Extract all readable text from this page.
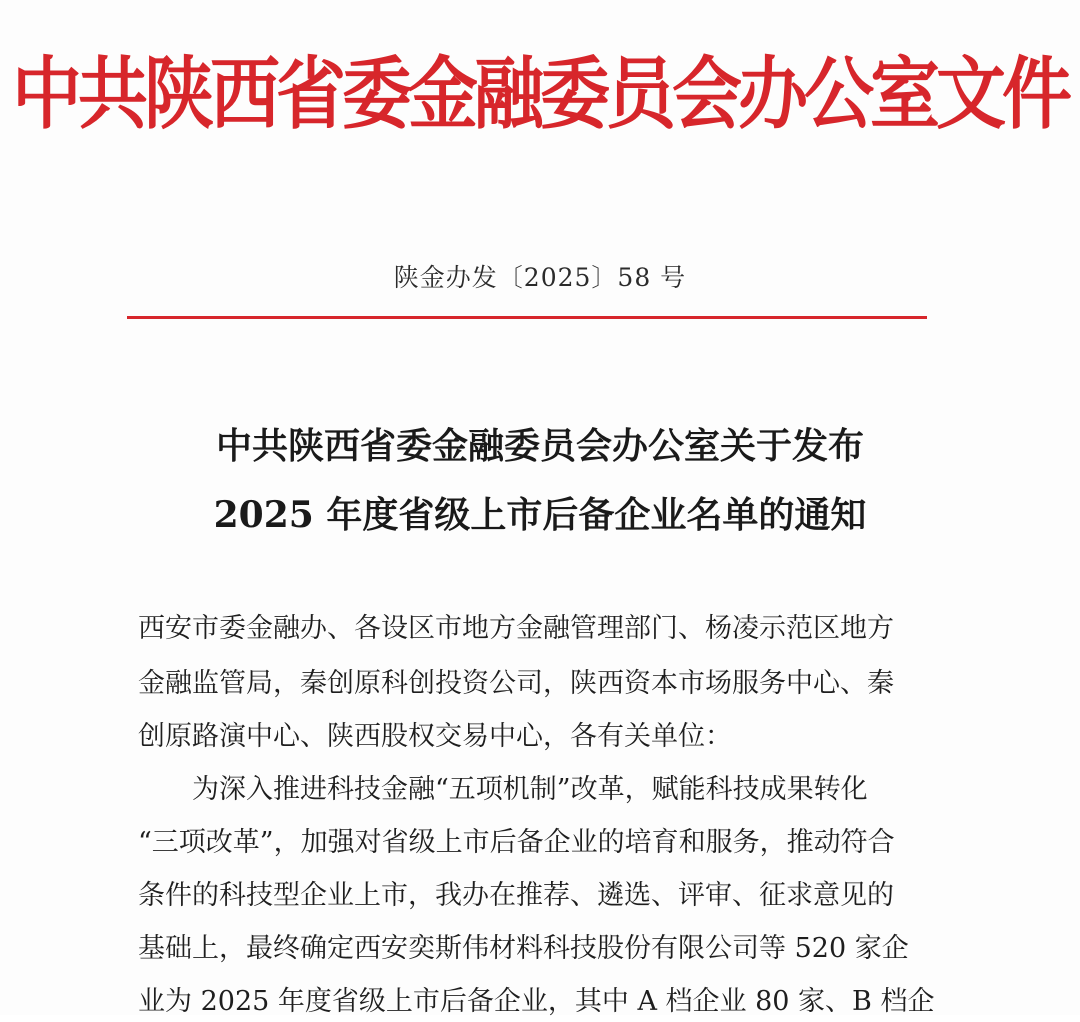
中共陕西省委金融委员会办公室文件
陕金办发〔2025〕58 号
中共陕西省委金融委员会办公室关于发布
2025 年度省级上市后备企业名单的通知
西安市委金融办、各设区市地方金融管理部门、杨凌示范区地方
金融监管局，秦创原科创投资公司，陕西资本市场服务中心、秦
创原路演中心、陕西股权交易中心，各有关单位：
为深入推进科技金融“五项机制”改革，赋能科技成果转化
“三项改革”，加强对省级上市后备企业的培育和服务，推动符合
条件的科技型企业上市，我办在推荐、遴选、评审、征求意见的
基础上，最终确定西安奕斯伟材料科技股份有限公司等 520 家企
业为 2025 年度省级上市后备企业，其中 A 档企业 80 家、B 档企
